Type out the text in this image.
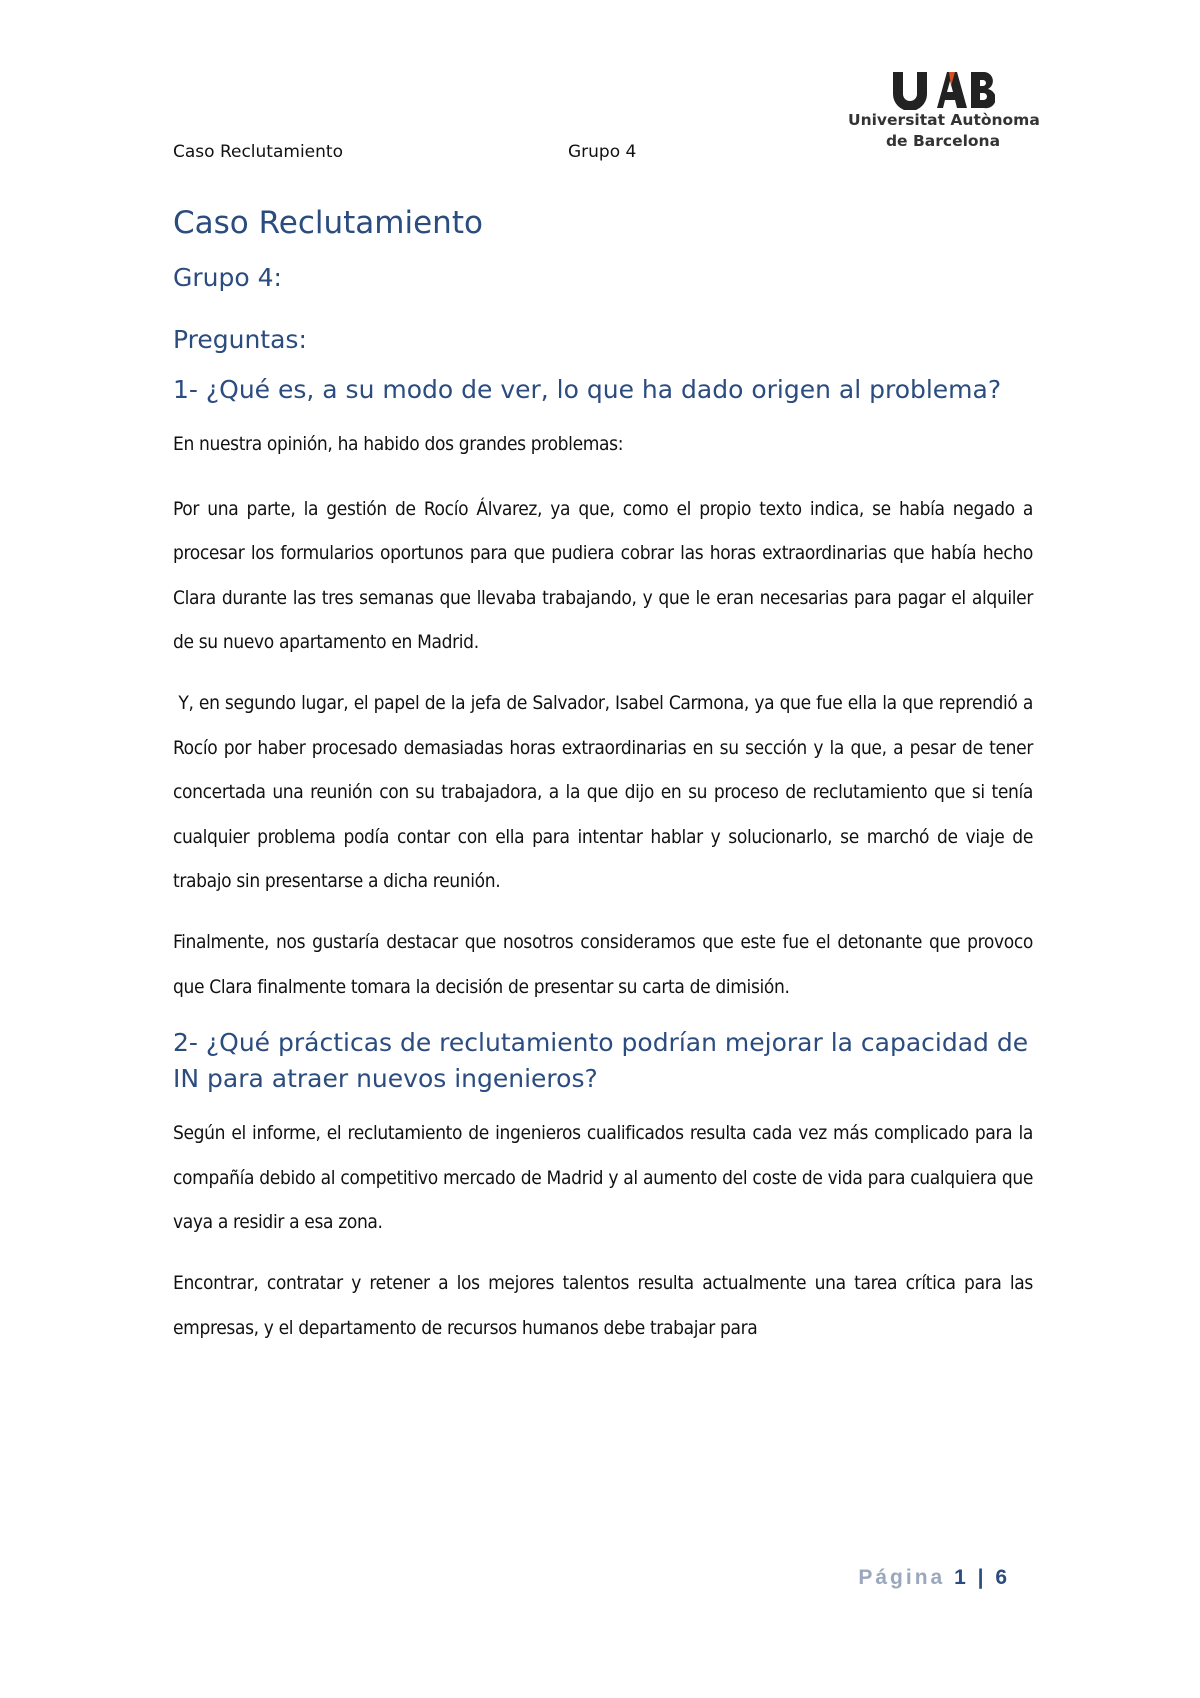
Caso Reclutamiento	Grupo 4
Universitat Autònoma
de Barcelona
Caso Reclutamiento
Grupo 4:
Preguntas:
1- ¿Qué es, a su modo de ver, lo que ha dado origen al problema?

En nuestra opinión, ha habido dos grandes problemas:

Por una parte, la gestión de Rocío Álvarez, ya que, como el propio texto indica, se había negado a procesar los formularios oportunos para que pudiera cobrar las horas extraordinarias que había hecho Clara durante las tres semanas que llevaba trabajando, y que le eran necesarias para pagar el alquiler de su nuevo apartamento en Madrid.

Y, en segundo lugar, el papel de la jefa de Salvador, Isabel Carmona, ya que fue ella la que reprendió a Rocío por haber procesado demasiadas horas extraordinarias en su sección y la que, a pesar de tener concertada una reunión con su trabajadora, a la que dijo en su proceso de reclutamiento que si tenía cualquier problema podía contar con ella para intentar hablar y solucionarlo, se marchó de viaje de trabajo sin presentarse a dicha reunión.

Finalmente, nos gustaría destacar que nosotros consideramos que este fue el detonante que provoco que Clara finalmente tomara la decisión de presentar su carta de dimisión.

2- ¿Qué prácticas de reclutamiento podrían mejorar la capacidad de IN para atraer nuevos ingenieros?

Según el informe, el reclutamiento de ingenieros cualificados resulta cada vez más complicado para la compañía debido al competitivo mercado de Madrid y al aumento del coste de vida para cualquiera que vaya a residir a esa zona.

Encontrar, contratar y retener a los mejores talentos resulta actualmente una tarea crítica para las empresas, y el departamento de recursos humanos debe trabajar para

Página 1 | 6
